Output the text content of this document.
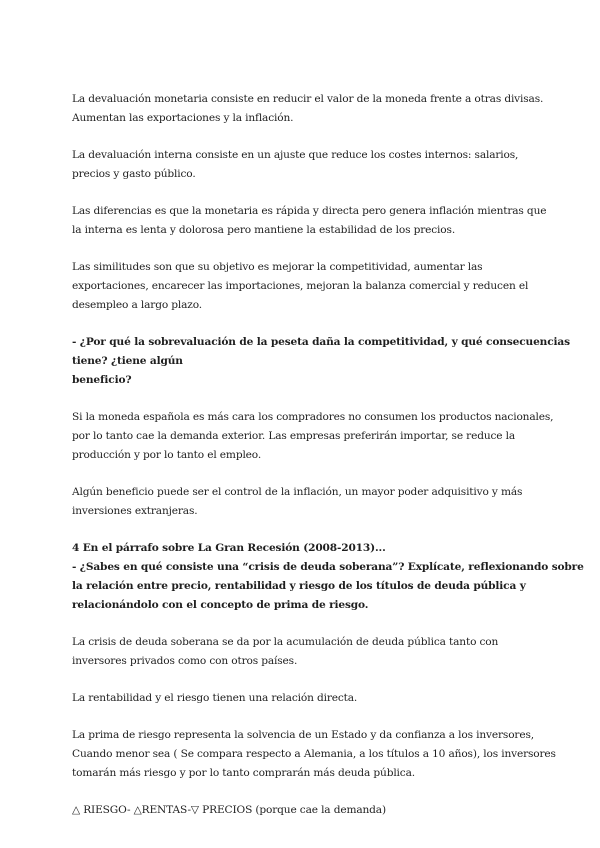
La devaluación monetaria consiste en reducir el valor de la moneda frente a otras divisas.
Aumentan las exportaciones y la inflación.
La devaluación interna consiste en un ajuste que reduce los costes internos: salarios,
precios y gasto público.
Las diferencias es que la monetaria es rápida y directa pero genera inflación mientras que
la interna es lenta y dolorosa pero mantiene la estabilidad de los precios.
Las similitudes son que su objetivo es mejorar la competitividad, aumentar las
exportaciones, encarecer las importaciones, mejoran la balanza comercial y reducen el
desempleo a largo plazo.
- ¿Por qué la sobrevaluación de la peseta daña la competitividad, y qué consecuencias
tiene? ¿tiene algún
beneficio?
Si la moneda española es más cara los compradores no consumen los productos nacionales,
por lo tanto cae la demanda exterior. Las empresas preferirán importar, se reduce la
producción y por lo tanto el empleo.
Algún beneficio puede ser el control de la inflación, un mayor poder adquisitivo y más
inversiones extranjeras.
4 En el párrafo sobre La Gran Recesión (2008-2013)...
- ¿Sabes en qué consiste una “crisis de deuda soberana”? Explícate, reflexionando sobre
la relación entre precio, rentabilidad y riesgo de los títulos de deuda pública y
relacionándolo con el concepto de prima de riesgo.
La crisis de deuda soberana se da por la acumulación de deuda pública tanto con
inversores privados como con otros países.
La rentabilidad y el riesgo tienen una relación directa.
La prima de riesgo representa la solvencia de un Estado y da confianza a los inversores,
Cuando menor sea ( Se compara respecto a Alemania, a los títulos a 10 años), los inversores
tomarán más riesgo y por lo tanto comprarán más deuda pública.
△ RIESGO- △RENTAS-▽ PRECIOS (porque cae la demanda)
